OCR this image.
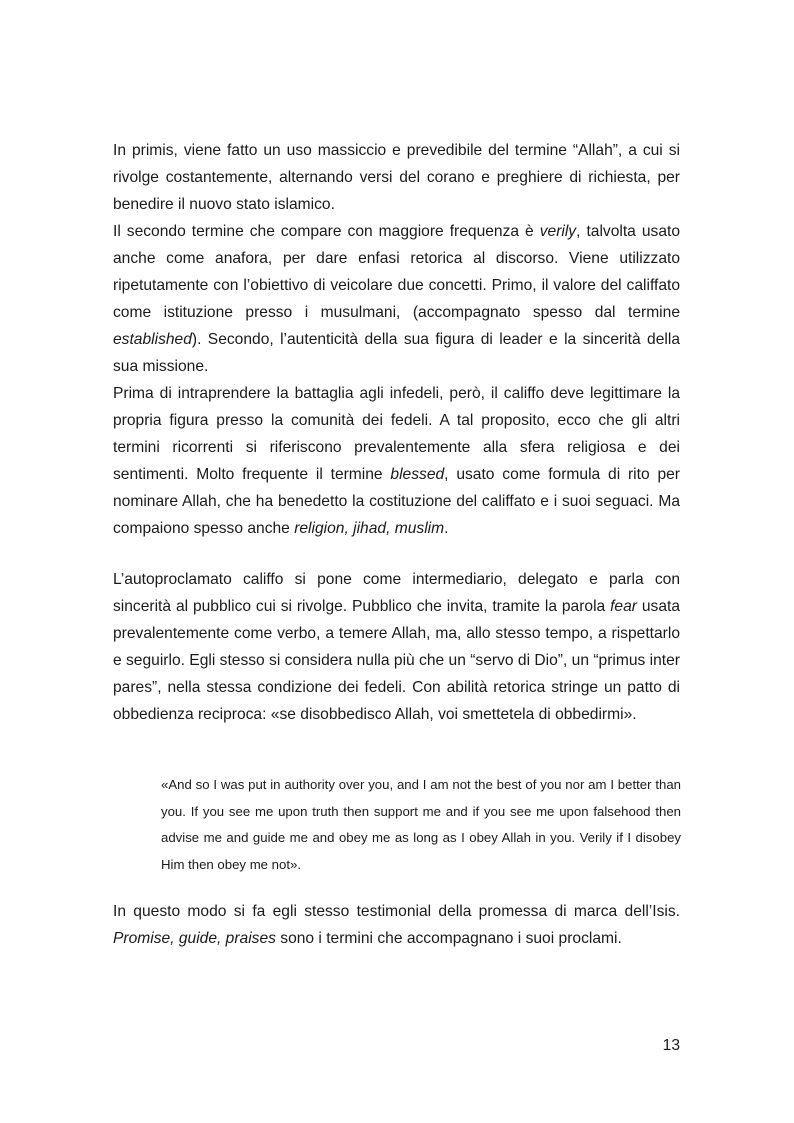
In primis, viene fatto un uso massiccio e prevedibile del termine “Allah”, a cui si rivolge costantemente, alternando versi del corano e preghiere di richiesta, per benedire il nuovo stato islamico.

Il secondo termine che compare con maggiore frequenza è verily, talvolta usato anche come anafora, per dare enfasi retorica al discorso. Viene utilizzato ripetutamente con l’obiettivo di veicolare due concetti. Primo, il valore del califfato come istituzione presso i musulmani, (accompagnato spesso dal termine established). Secondo, l’autenticità della sua figura di leader e la sincerità della sua missione.

Prima di intraprendere la battaglia agli infedeli, però, il califfo deve legittimare la propria figura presso la comunità dei fedeli. A tal proposito, ecco che gli altri termini ricorrenti si riferiscono prevalentemente alla sfera religiosa e dei sentimenti. Molto frequente il termine blessed, usato come formula di rito per nominare Allah, che ha benedetto la costituzione del califfato e i suoi seguaci. Ma compaiono spesso anche religion, jihad, muslim.

L’autoproclamato califfo si pone come intermediario, delegato e parla con sincerità al pubblico cui si rivolge. Pubblico che invita, tramite la parola fear usata prevalentemente come verbo, a temere Allah, ma, allo stesso tempo, a rispettarlo e seguirlo. Egli stesso si considera nulla più che un “servo di Dio”, un “primus inter pares”, nella stessa condizione dei fedeli. Con abilità retorica stringe un patto di obbedienza reciproca: «se disobbedisco Allah, voi smettetela di obbedirmi».

«And so I was put in authority over you, and I am not the best of you nor am I better than you. If you see me upon truth then support me and if you see me upon falsehood then advise me and guide me and obey me as long as I obey Allah in you. Verily if I disobey Him then obey me not».

In questo modo si fa egli stesso testimonial della promessa di marca dell’Isis. Promise, guide, praises sono i termini che accompagnano i suoi proclami.

13
